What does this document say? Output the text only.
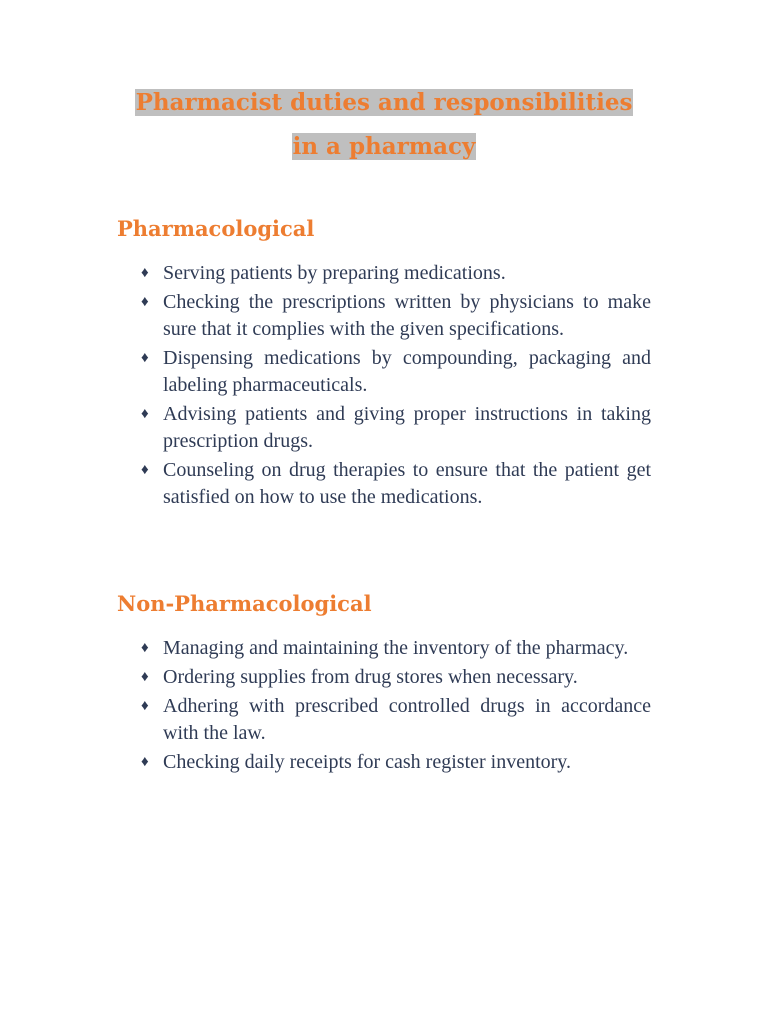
Pharmacist duties and responsibilities
in a pharmacy
Pharmacological
♦ Serving patients by preparing medications.
♦ Checking the prescriptions written by physicians to make sure that it complies with the given specifications.
♦ Dispensing medications by compounding, packaging and labeling pharmaceuticals.
♦ Advising patients and giving proper instructions in taking prescription drugs.
♦ Counseling on drug therapies to ensure that the patient get satisfied on how to use the medications.
Non-Pharmacological
♦ Managing and maintaining the inventory of the pharmacy.
♦ Ordering supplies from drug stores when necessary.
♦ Adhering with prescribed controlled drugs in accordance with the law.
♦ Checking daily receipts for cash register inventory.
